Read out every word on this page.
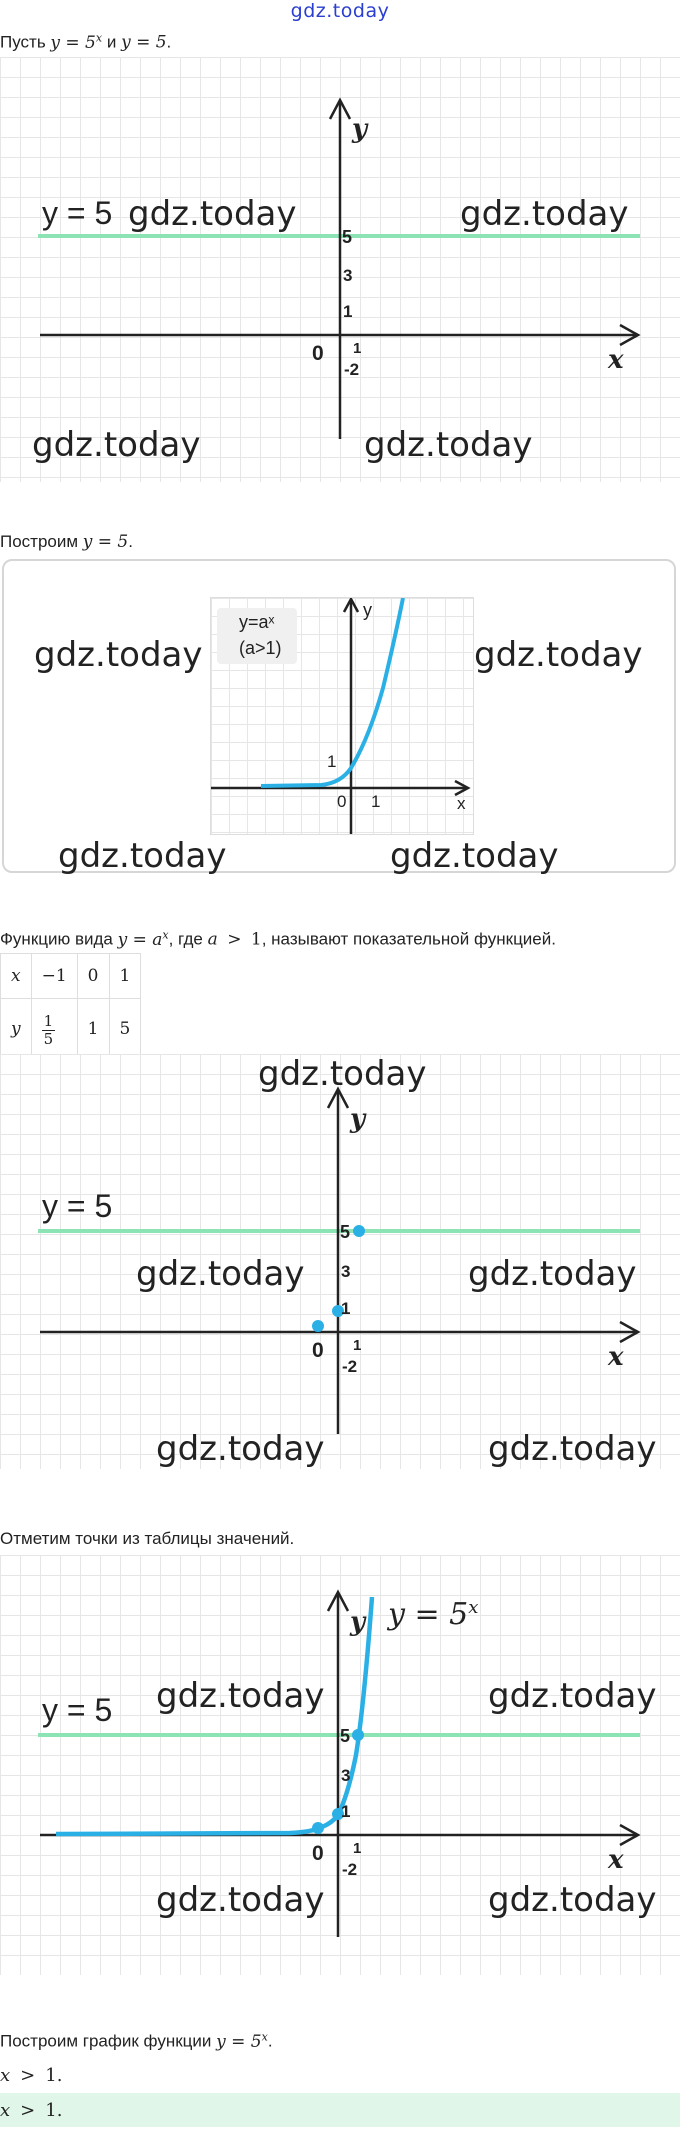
gdz.today
Пусть $y = 5^x$ и y = 5.
y
x
y = 5
5
3
1
0 1
-2
gdz.today	gdz.today
gdz.today	gdz.today
Построим y = 5.
y=aˣ
(a>1)
y
x
1
0 1
gdz.today	gdz.today
gdz.today	gdz.today
Функцию вида $y = a^x$, где a > 1, называют показательной функцией.
x	−1	0	1
y	$\frac{1}{5}$	1	5
y
x
y = 5
5
3
1
0 1
-2
gdz.today
gdz.today	gdz.today
gdz.today	gdz.today
Отметим точки из таблицы значений.
y $y = 5^x$
x
y = 5
5
3
1
0 1
-2
gdz.today	gdz.today
gdz.today	gdz.today
Построим график функции $y = 5^x$.
x > 1.
x > 1.
